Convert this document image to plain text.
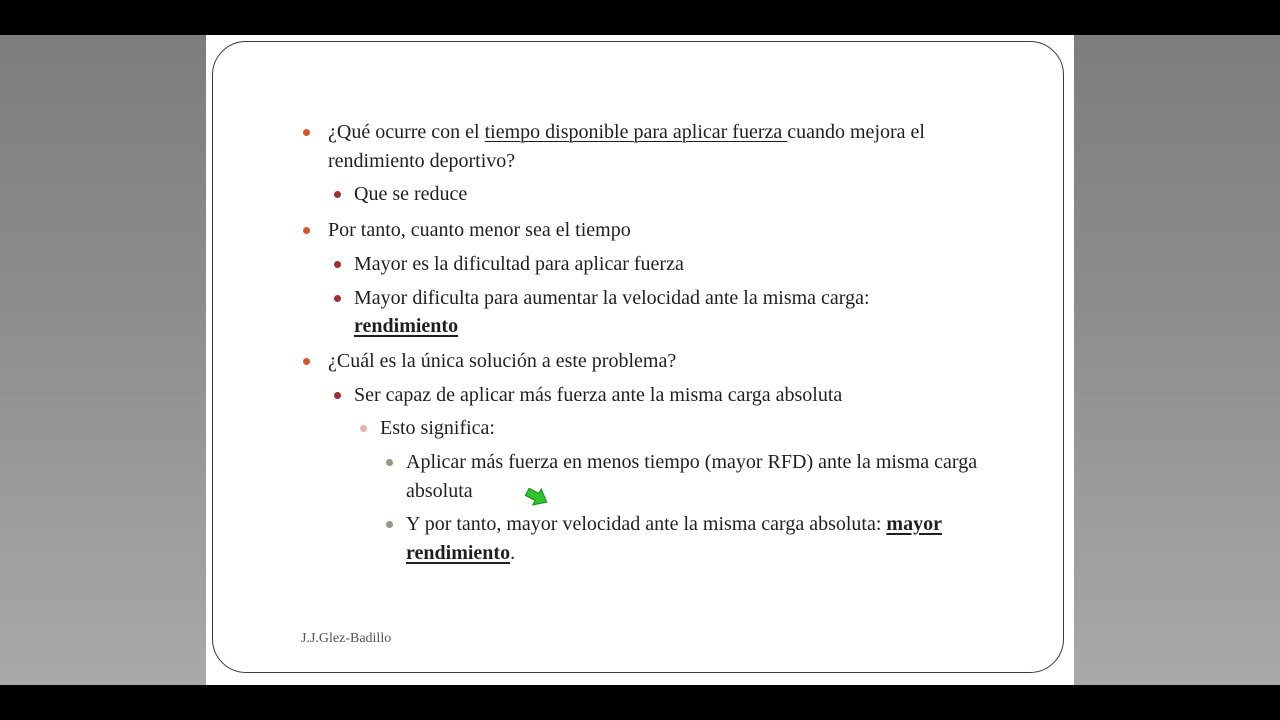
¿Qué ocurre con el tiempo disponible para aplicar fuerza cuando mejora el
rendimiento deportivo?
Que se reduce
Por tanto, cuanto menor sea el tiempo
Mayor es la dificultad para aplicar fuerza
Mayor dificulta para aumentar la velocidad ante la misma carga:
rendimiento
¿Cuál es la única solución a este problema?
Ser capaz de aplicar más fuerza ante la misma carga absoluta
Esto significa:
Aplicar más fuerza en menos tiempo (mayor RFD) ante la misma carga
absoluta
Y por tanto, mayor velocidad ante la misma carga absoluta: mayor
rendimiento.
J.J.Glez-Badillo
